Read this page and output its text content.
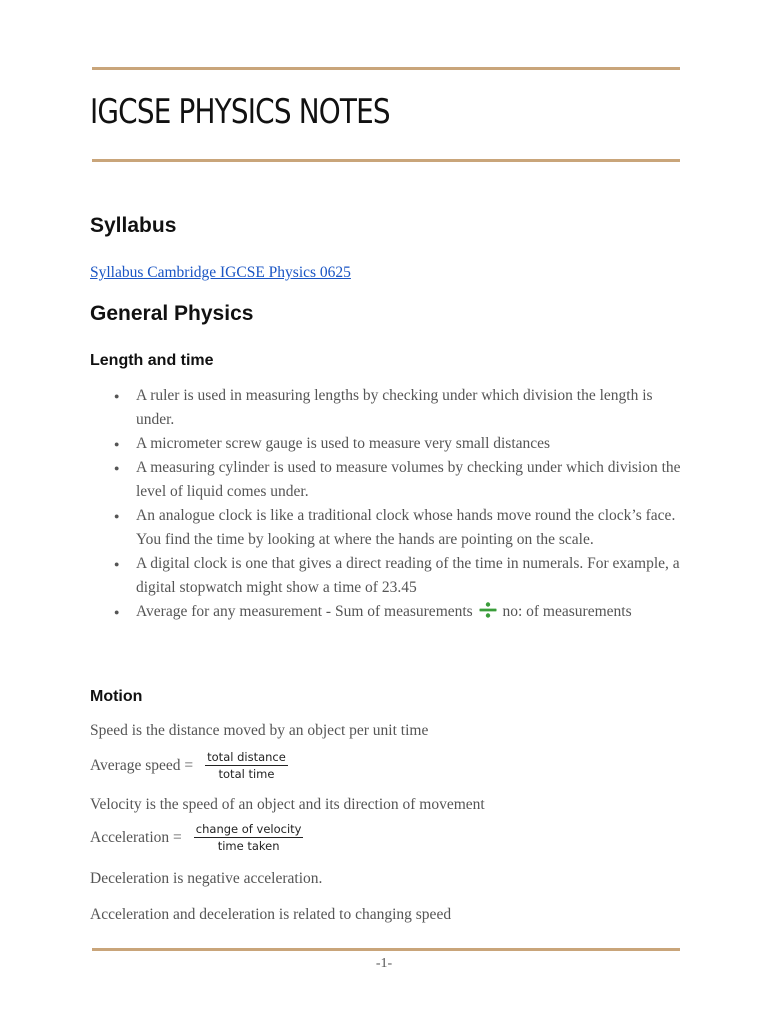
IGCSE PHYSICS NOTES
Syllabus
Syllabus Cambridge IGCSE Physics 0625
General Physics
Length and time
● A ruler is used in measuring lengths by checking under which division the length is under.
● A micrometer screw gauge is used to measure very small distances
● A measuring cylinder is used to measure volumes by checking under which division the level of liquid comes under.
● An analogue clock is like a traditional clock whose hands move round the clock’s face. You find the time by looking at where the hands are pointing on the scale.
● A digital clock is one that gives a direct reading of the time in numerals. For example, a digital stopwatch might show a time of 23.45
● Average for any measurement - Sum of measurements  no: of measurements
Motion

Speed is the distance moved by an object per unit time

Average speed = $\frac{\text{total distance}}{\text{total time}}$

Velocity is the speed of an object and its direction of movement

Acceleration = $\frac{\text{change of velocity}}{\text{time taken}}$

Deceleration is negative acceleration.

Acceleration and deceleration is related to changing speed

-1-
